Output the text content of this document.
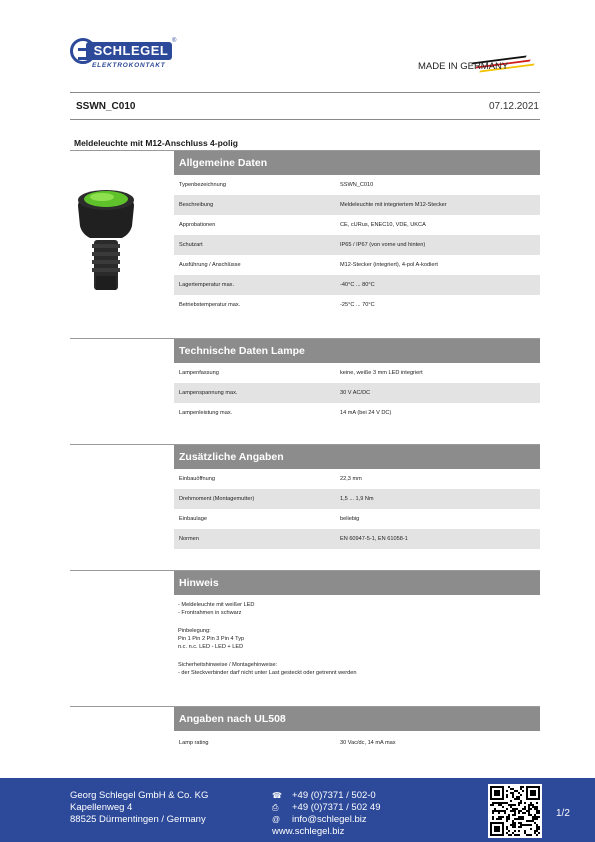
SCHLEGEL
®
ELEKTROKONTAKT	MADE IN GERMANY
SSWN_C010	07.12.2021
Meldeleuchte mit M12-Anschluss 4-polig
Allgemeine Daten
Typenbezeichnung	SSWN_C010
Beschreibung	Meldeleuchte mit integriertem M12-Stecker
Approbationen	CE, cURus, ENEC10, VDE, UKCA
Schutzart	IP65 / IP67 (von vorne und hinten)
Ausführung / Anschlüsse	M12-Stecker (integriert), 4-pol A-kodiert
Lagertemperatur max.	-40°C ... 80°C
Betriebstemperatur max.	-25°C ... 70°C
Technische Daten Lampe
Lampenfassung	keine, weiße 3 mm LED integriert
Lampenspannung max.	30 V AC/DC
Lampenleistung max.	14 mA (bei 24 V DC)
Zusätzliche Angaben
Einbauöffnung	22,3 mm
Drehmoment (Montagemutter)	1,5 ... 1,9 Nm
Einbaulage	beliebig
Normen	EN 60947-5-1, EN 61058-1
Hinweis
- Meldeleuchte mit weißer LED
- Frontrahmen in schwarz
Pinbelegung:
Pin 1 Pin 2 Pin 3 Pin 4 Typ
n.c. n.c. LED - LED + LED
Sicherheitshinweise / Montagehinweise:
- der Steckverbinder darf nicht unter Last gesteckt oder getrennt werden
Angaben nach UL508
Lamp rating	30 Vac/dc, 14 mA max
Georg Schlegel GmbH & Co. KG
Kapellenweg 4
88525 Dürmentingen / Germany
☎ +49 (0)7371 / 502-0
⎙ +49 (0)7371 / 502 49
@ info@schlegel.biz
www.schlegel.biz
1/2
